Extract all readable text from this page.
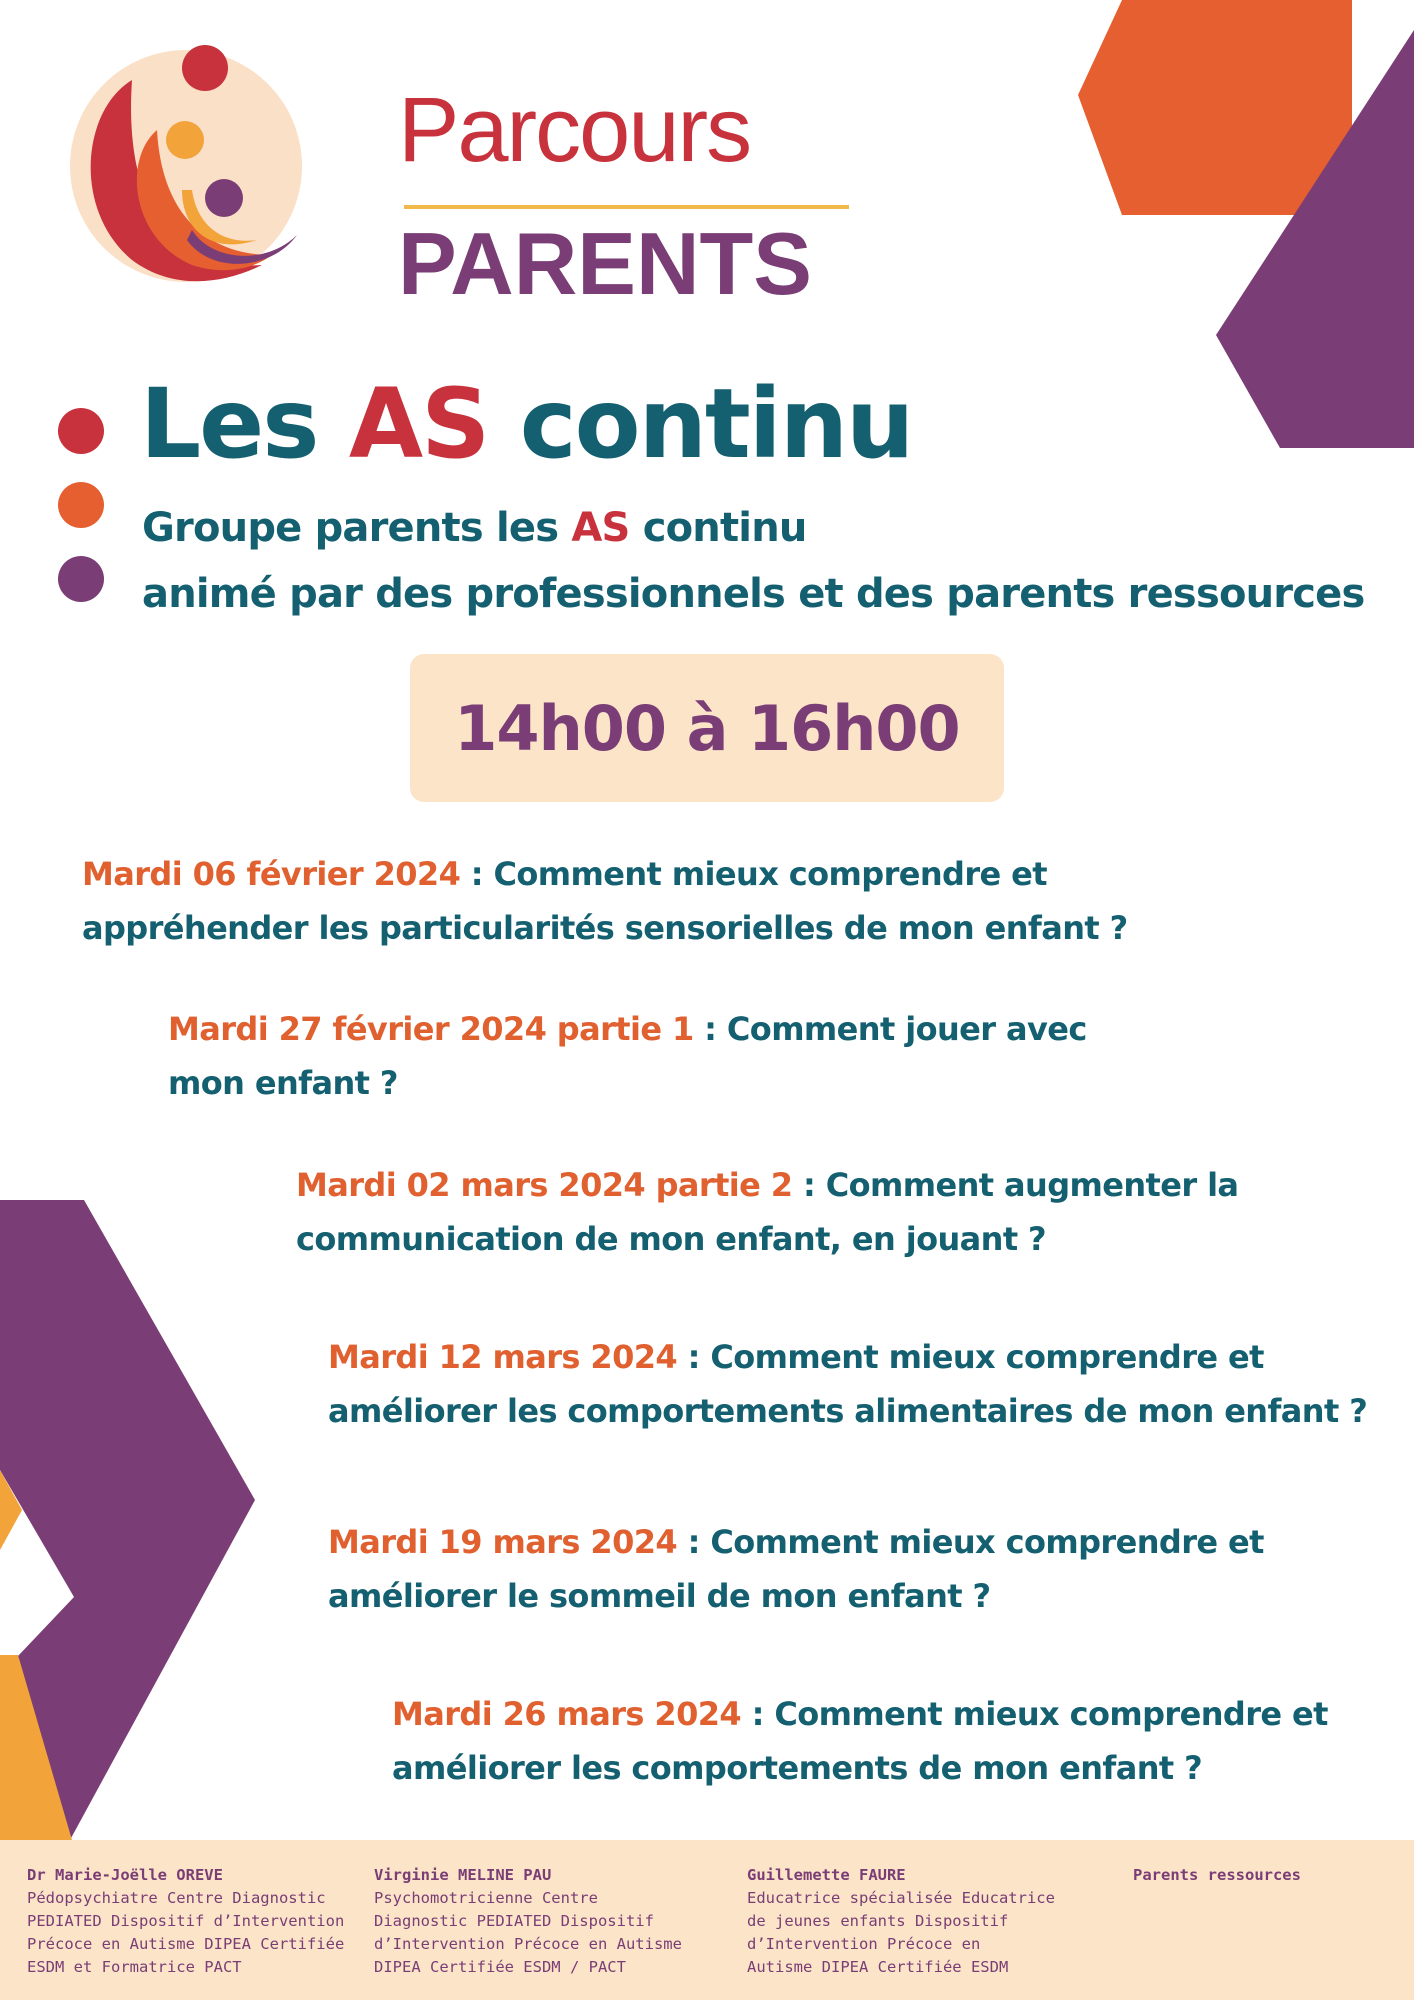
Parcours
PARENTS
Les AS continu

Groupe parents les AS continu

animé par des professionnels et des parents ressources

14h00 à 16h00

Mardi 06 février 2024 : Comment mieux comprendre et appréhender les particularités sensorielles de mon enfant ?

Mardi 27 février 2024 partie 1 : Comment jouer avec mon enfant ?

Mardi 02 mars 2024 partie 2 : Comment augmenter la communication de mon enfant, en jouant ?

Mardi 12 mars 2024 : Comment mieux comprendre et améliorer les comportements alimentaires de mon enfant ?

Mardi 19 mars 2024 : Comment mieux comprendre et améliorer le sommeil de mon enfant ?

Mardi 26 mars 2024 : Comment mieux comprendre et améliorer les comportements de mon enfant ?

Dr Marie-Joëlle OREVE
Pédopsychiatre Centre Diagnostic
PEDIATED Dispositif d’Intervention
Précoce en Autisme DIPEA Certifiée
ESDM et Formatrice PACT
Virginie MELINE PAU
Psychomotricienne Centre
Diagnostic PEDIATED Dispositif
d’Intervention Précoce en Autisme
DIPEA Certifiée ESDM / PACT
Guillemette FAURE
Educatrice spécialisée Educatrice
de jeunes enfants Dispositif
d’Intervention Précoce en
Autisme DIPEA Certifiée ESDM
Parents ressources
